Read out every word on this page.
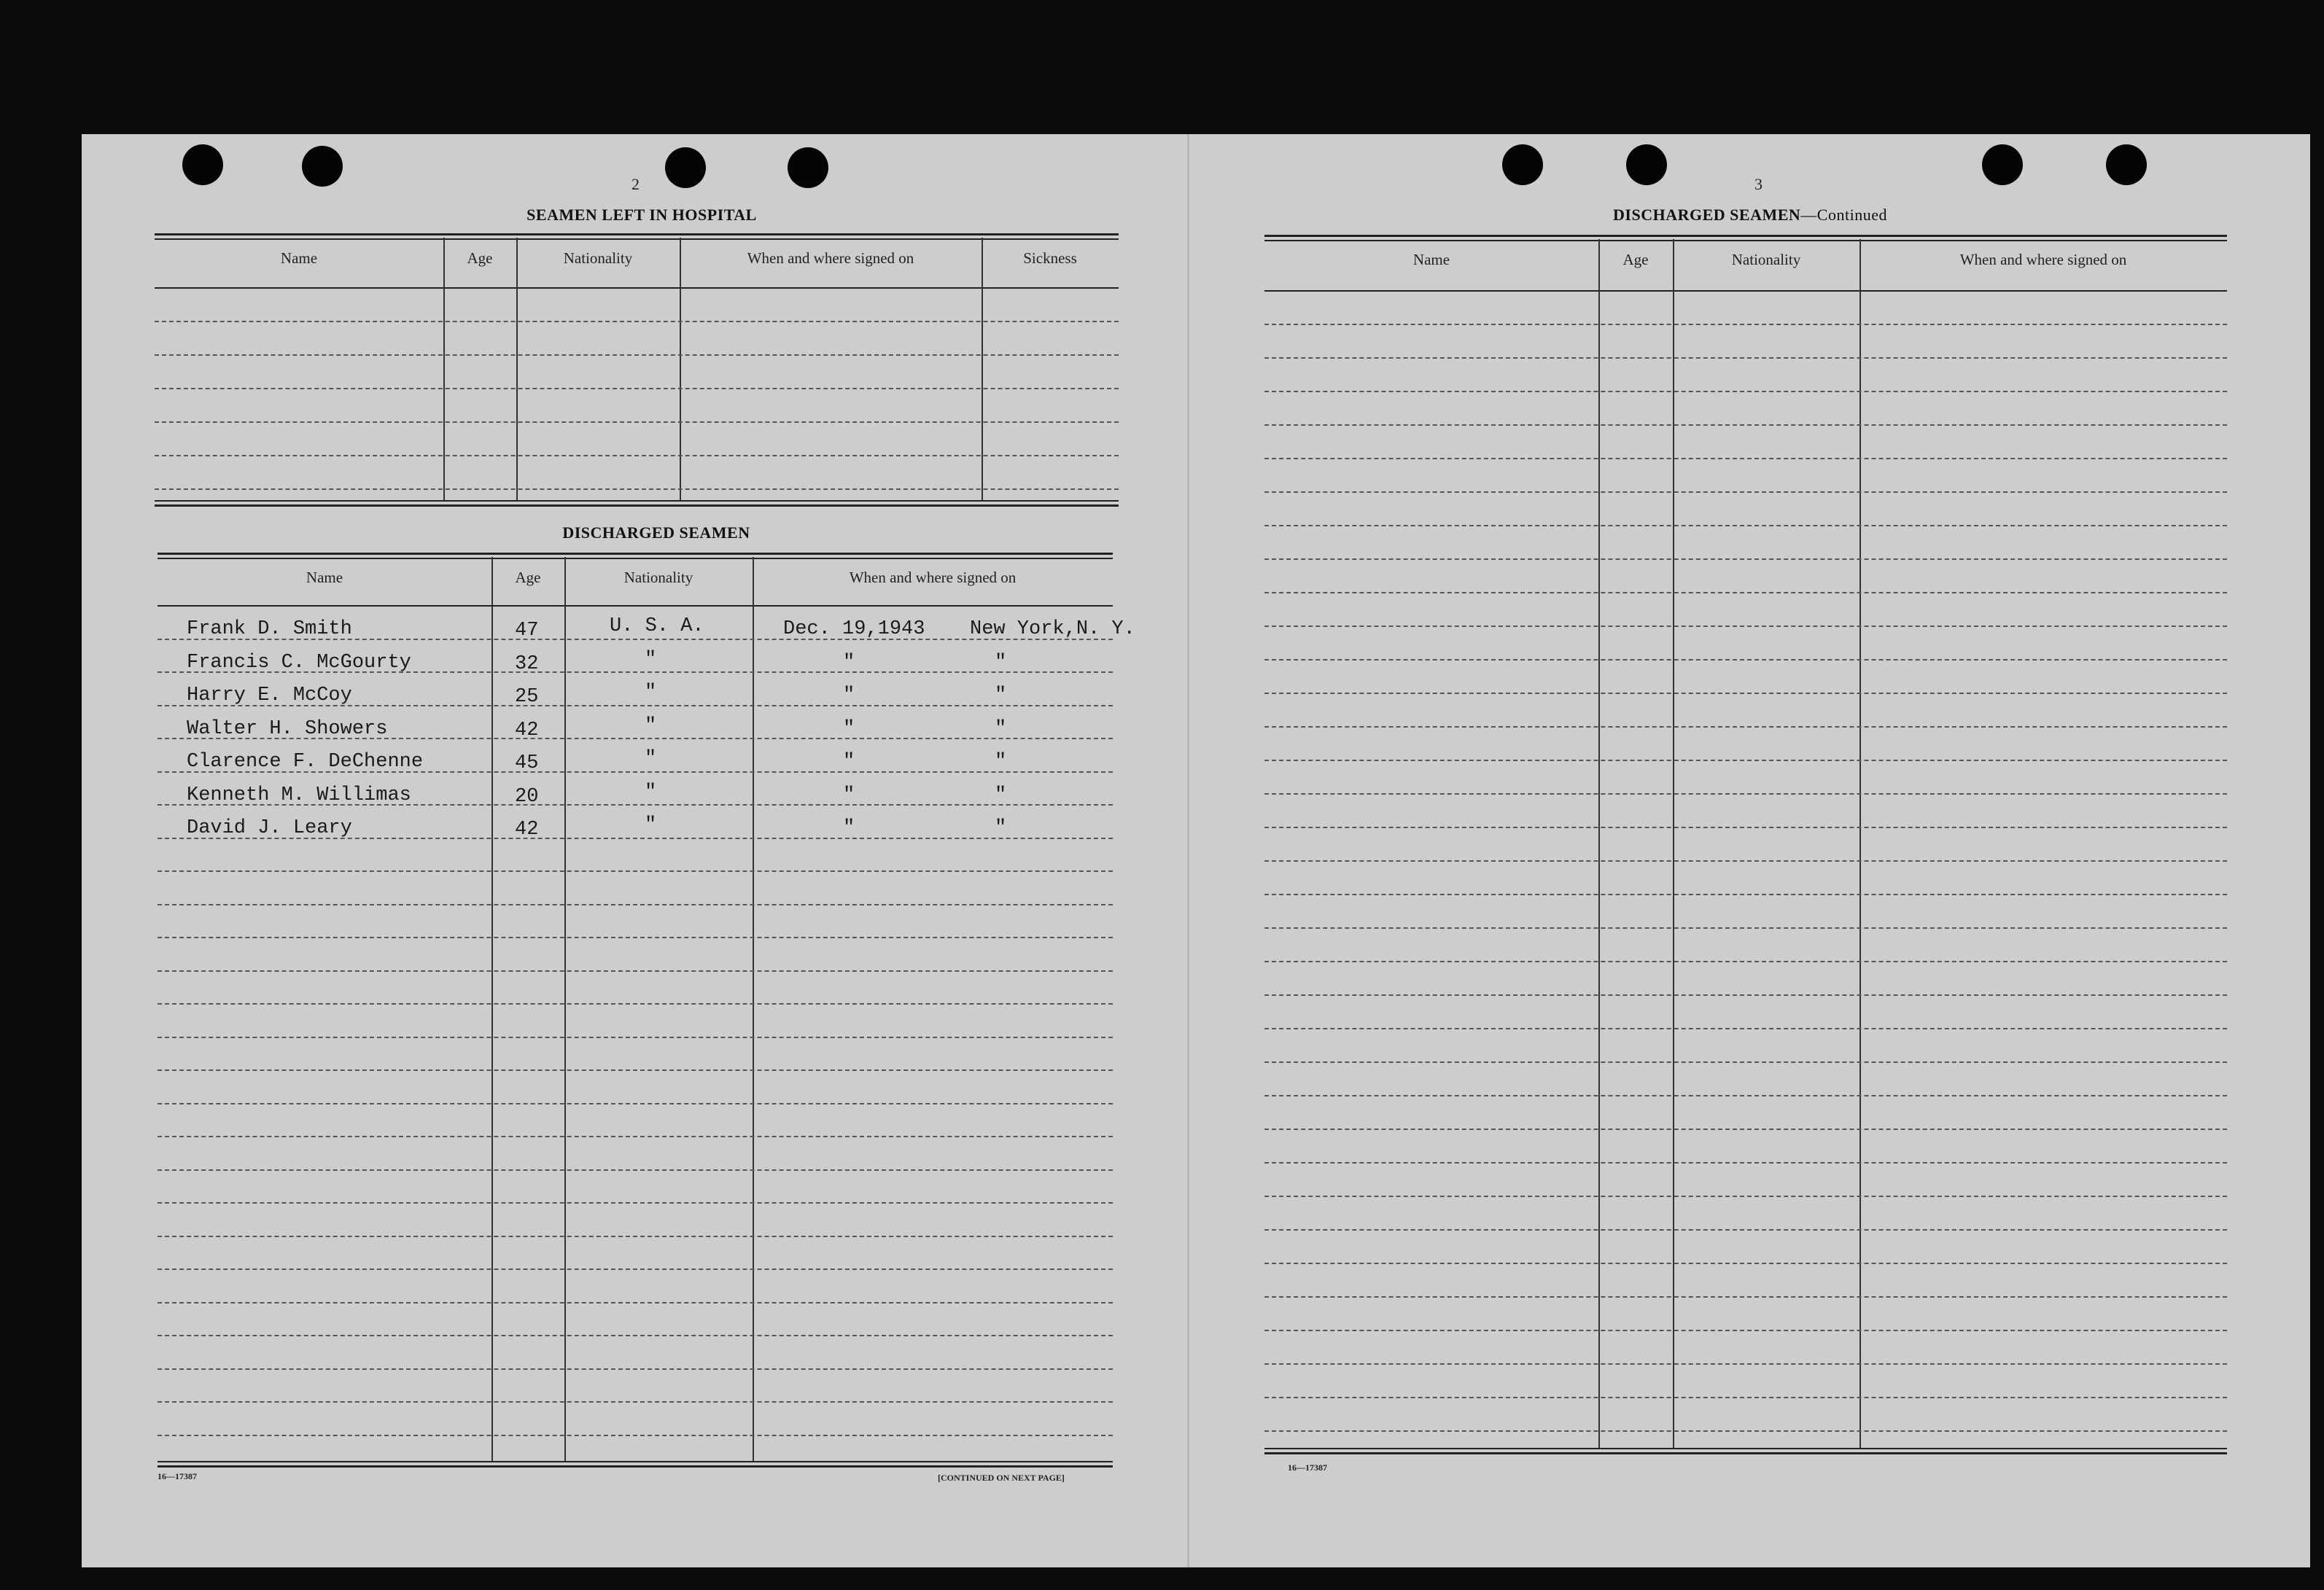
2
SEAMEN LEFT IN HOSPITAL
DISCHARGED SEAMEN
16—17387	[CONTINUED ON NEXT PAGE]
3
DISCHARGED SEAMEN—Continued
16—17387
Name	Age	Nationality	When and where signed on	Sickness
Name	Age	Nationality	When and where signed on
Name	Age	Nationality	When and where signed on
Frank D. Smith	47	U. S. A.	Dec. 19,1943 New York,N. Y.
Francis C. McGourty	32	"	"	"
Harry E. McCoy	25	"	"	"
Walter H. Showers	42	"	"	"
Clarence F. DeChenne	45	"	"	"
Kenneth M. Willimas	20	"	"	"
David J. Leary	42	"	"	"
